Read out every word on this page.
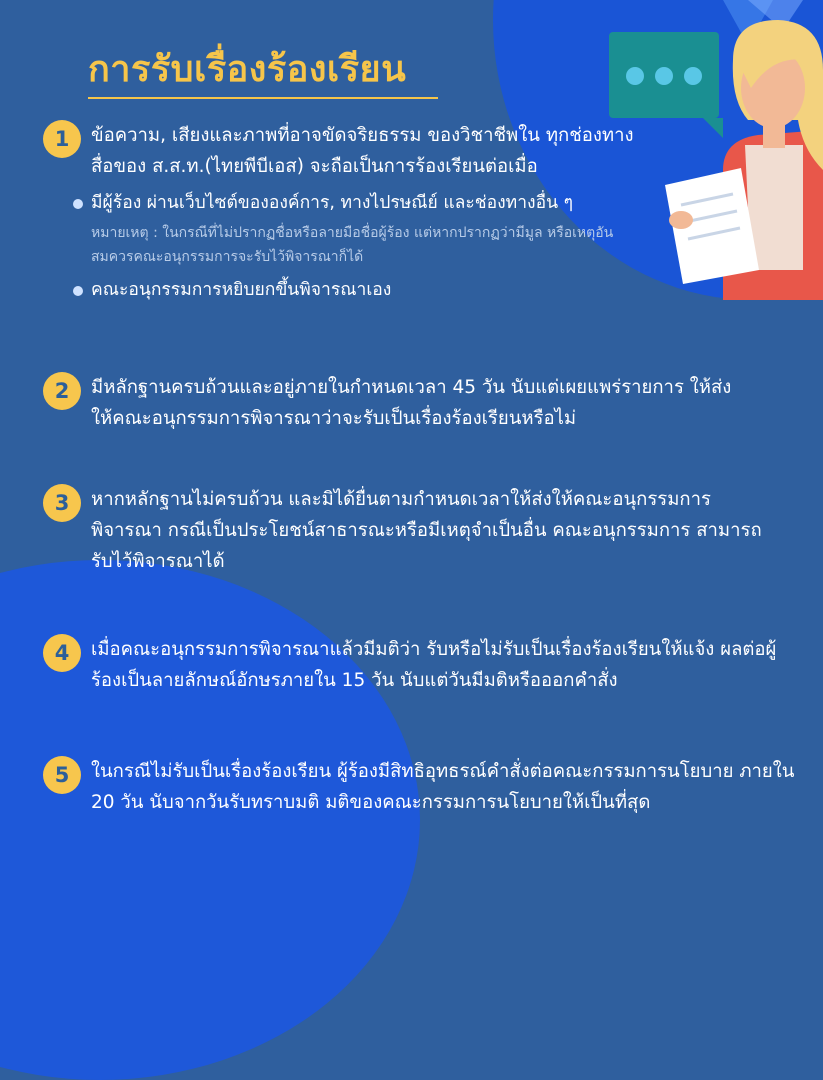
การรับเรื่องร้องเรียน
1	ข้อความ, เสียงและภาพที่อาจขัดจริยธรรม ของวิชาชีพใน ทุกช่องทางสื่อของ ส.ส.ท.(ไทยพีบีเอส) จะถือเป็นการร้องเรียนต่อเมื่อ
มีผู้ร้อง ผ่านเว็บไซต์ขององค์การ, ทางไปรษณีย์ และช่องทางอื่น ๆ
หมายเหตุ : ในกรณีที่ไม่ปรากฏชื่อหรือลายมือชื่อผู้ร้อง แต่หากปรากฏว่ามีมูล หรือเหตุอันสมควรคณะอนุกรรมการจะรับไว้พิจารณาก็ได้
คณะอนุกรรมการหยิบยกขึ้นพิจารณาเอง
2	มีหลักฐานครบถ้วนและอยู่ภายในกำหนดเวลา 45 วัน นับแต่เผยแพร่รายการ ให้ส่งให้คณะอนุกรรมการพิจารณาว่าจะรับเป็นเรื่องร้องเรียนหรือไม่
3	หากหลักฐานไม่ครบถ้วน และมิได้ยื่นตามกำหนดเวลาให้ส่งให้คณะอนุกรรมการ พิจารณา กรณีเป็นประโยชน์สาธารณะหรือมีเหตุจำเป็นอื่น คณะอนุกรรมการ สามารถรับไว้พิจารณาได้
4	เมื่อคณะอนุกรรมการพิจารณาแล้วมีมติว่า รับหรือไม่รับเป็นเรื่องร้องเรียนให้แจ้ง ผลต่อผู้ร้องเป็นลายลักษณ์อักษรภายใน 15 วัน นับแต่วันมีมติหรือออกคำสั่ง
5	ในกรณีไม่รับเป็นเรื่องร้องเรียน ผู้ร้องมีสิทธิอุทธรณ์คำสั่งต่อคณะกรรมการนโยบาย ภายใน 20 วัน นับจากวันรับทราบมติ มติของคณะกรรมการนโยบายให้เป็นที่สุด
